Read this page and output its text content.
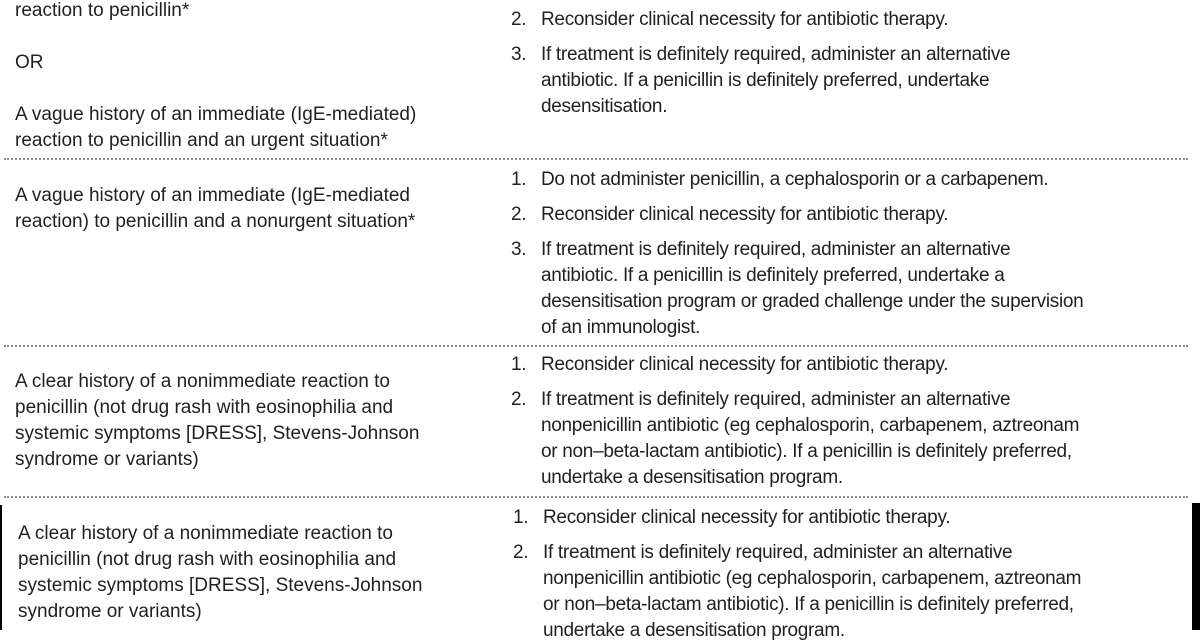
reaction to penicillin*
OR
A vague history of an immediate (IgE-mediated)
reaction to penicillin and an urgent situation*
2. Reconsider clinical necessity for antibiotic therapy.
3. If treatment is definitely required, administer an alternative
antibiotic. If a penicillin is definitely preferred, undertake
desensitisation.
A vague history of an immediate (IgE-mediated
reaction) to penicillin and a nonurgent situation*
1. Do not administer penicillin, a cephalosporin or a carbapenem.
2. Reconsider clinical necessity for antibiotic therapy.
3. If treatment is definitely required, administer an alternative
antibiotic. If a penicillin is definitely preferred, undertake a
desensitisation program or graded challenge under the supervision
of an immunologist.
A clear history of a nonimmediate reaction to
penicillin (not drug rash with eosinophilia and
systemic symptoms [DRESS], Stevens-Johnson
syndrome or variants)
1. Reconsider clinical necessity for antibiotic therapy.
2. If treatment is definitely required, administer an alternative
nonpenicillin antibiotic (eg cephalosporin, carbapenem, aztreonam
or non–beta-lactam antibiotic). If a penicillin is definitely preferred,
undertake a desensitisation program.
A clear history of a nonimmediate reaction to
penicillin (not drug rash with eosinophilia and
systemic symptoms [DRESS], Stevens-Johnson
syndrome or variants)
1. Reconsider clinical necessity for antibiotic therapy.
2. If treatment is definitely required, administer an alternative
nonpenicillin antibiotic (eg cephalosporin, carbapenem, aztreonam
or non–beta-lactam antibiotic). If a penicillin is definitely preferred,
undertake a desensitisation program.
